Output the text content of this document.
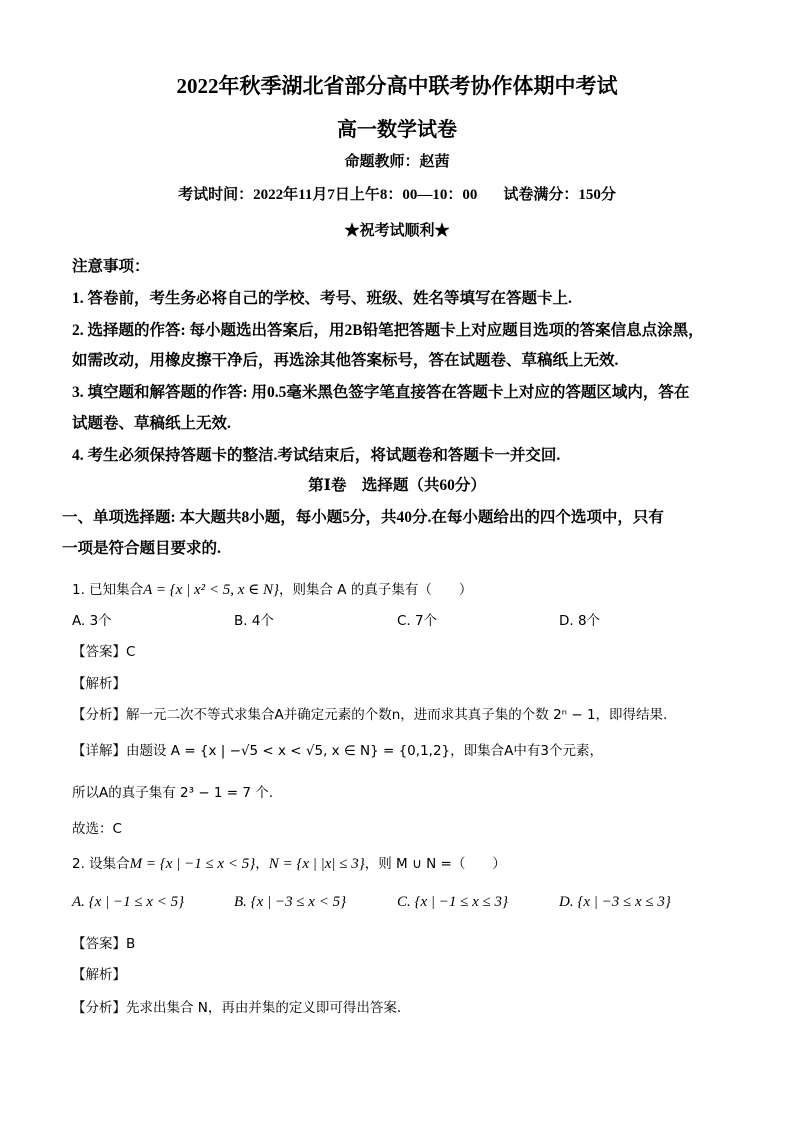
2022年秋季湖北省部分高中联考协作体期中考试
高一数学试卷
命题教师：赵茜
考试时间：2022年11月7日上午8：00—10：00 试卷满分：150分
★祝考试顺利★
注意事项：
1. 答卷前，考生务必将自己的学校、考号、班级、姓名等填写在答题卡上.
2. 选择题的作答: 每小题选出答案后，用2B铅笔把答题卡上对应题目选项的答案信息点涂黑，
如需改动，用橡皮擦干净后，再选涂其他答案标号，答在试题卷、草稿纸上无效.
3. 填空题和解答题的作答: 用0.5毫米黑色签字笔直接答在答题卡上对应的答题区域内，答在
试题卷、草稿纸上无效.
4. 考生必须保持答题卡的整洁.考试结束后，将试题卷和答题卡一并交回.
第Ⅰ卷　选择题（共60分）
一、单项选择题: 本大题共8小题，每小题5分，共40分.在每小题给出的四个选项中，只有
一项是符合题目要求的.
1. 已知集合A = {x | x² < 5, x ∈ N}，则集合 A 的真子集有（　　）
A. 3个	B. 4个	C. 7个	D. 8个
【答案】C
【解析】
【分析】解一元二次不等式求集合A并确定元素的个数n，进而求其真子集的个数 2ⁿ − 1，即得结果.
【详解】由题设 A = {x | −√5 < x < √5, x ∈ N} = {0,1,2}，即集合A中有3个元素，
所以A的真子集有 2³ − 1 = 7 个.
故选：C
2. 设集合M = {x | −1 ≤ x < 5}，N = {x | |x| ≤ 3}，则 M ∪ N =（　　）
A. {x | −1 ≤ x < 5}	B. {x | −3 ≤ x < 5}	C. {x | −1 ≤ x ≤ 3}	D. {x | −3 ≤ x ≤ 3}
【答案】B
【解析】
【分析】先求出集合 N，再由并集的定义即可得出答案.
